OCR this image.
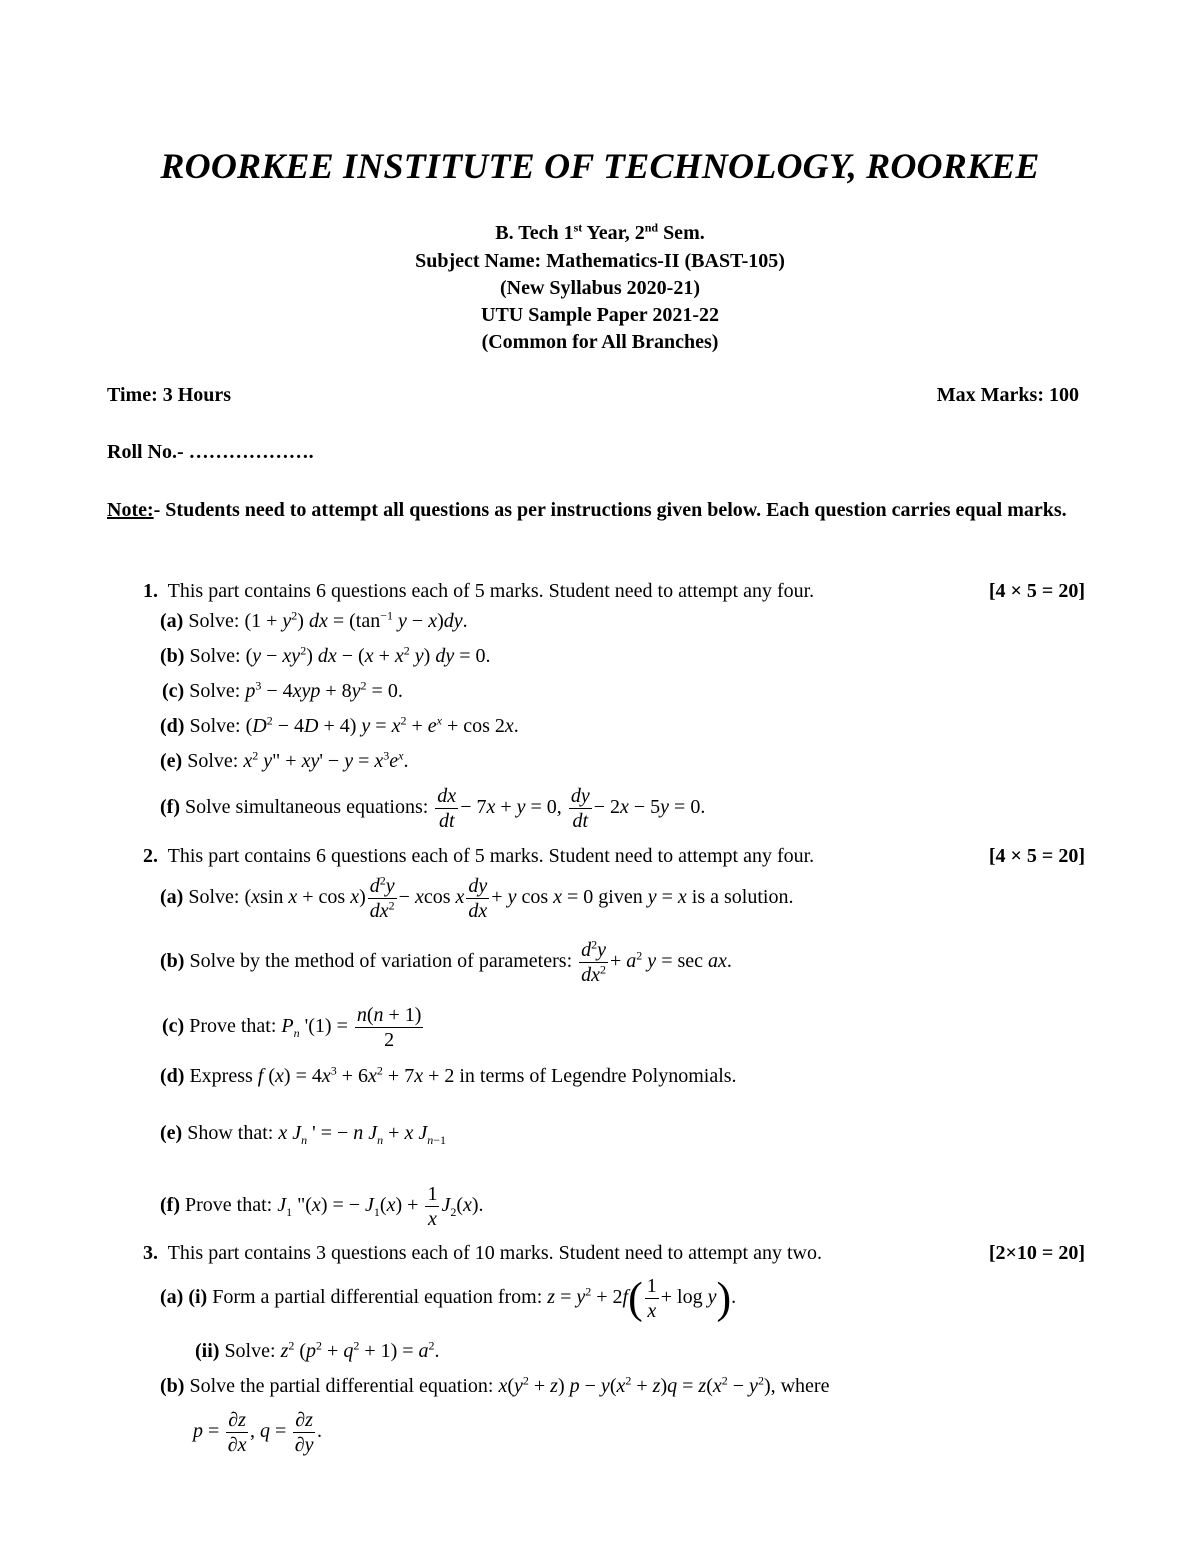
ROORKEE INSTITUTE OF TECHNOLOGY, ROORKEE
B. Tech 1st Year, 2nd Sem.
Subject Name: Mathematics-II (BAST-105)
(New Syllabus 2020-21)
UTU Sample Paper 2021-22
(Common for All Branches)
Time: 3 Hours	Max Marks: 100
Roll No.- ……………….
Note:- Students need to attempt all questions as per instructions given below. Each question carries equal marks.
1. This part contains 6 questions each of 5 marks. Student need to attempt any four.	[4 × 5 = 20]
(a) Solve: $(1 + y^2)$ dx = ($\tan^{-1}$ y − x)dy.
(b) Solve: $(y - xy^2)$ dx − ($x + x^2$ y) dy = 0.
(c) Solve: $p^3 - 4xyp + 8y^2 = 0$.
(d) Solve: $(D^2 - 4D + 4) y = x^2 + e^x + \cos 2x$.
(e) Solve: $x^2$ y" + $xy' - y = x^3e^x$.
(f) Solve simultaneous equations: $\frac{dx}{dt} - 7x + y = 0$, $\frac{dy}{dt} - 2x - 5y = 0$.
2. This part contains 6 questions each of 5 marks. Student need to attempt any four.	[4 × 5 = 20]
(a) Solve: (xsin $x + \cos x) \frac{d^2y}{dx^2} - xcos$ x $\frac{dy}{dx} + y$ cos x = 0 given y = x is a solution.
(b) Solve by the method of variation of parameters: $\frac{d^2y}{dx^2} + a^2$ y = sec ax.
(c) Prove that: $P_n$ '$(1) = \frac{n(n + 1)}{2}$
(d) Express f $(x) = 4x^3 + 6x^2 + 7x + 2$ in terms of Legendre Polynomials.
(e) Show that: x $J_n$ ' = − n $J_n + x$ $J_{n-1}$
(f) Prove that: $J_1$ "(x) = − $J_1(x) + \frac{1}{x} J_2(x)$.
3. This part contains 3 questions each of 10 marks. Student need to attempt any two.	[2×10 = 20]
(a) (i) Form a partial differential equation from: $z = y^2 + 2f( \frac{1}{x} + \log y)$.
(ii) Solve: $z^2$ $(p^2 + q^2 + 1) = a^2$.
(b) Solve the partial differential equation: $x(y^2 + z) p - y(x^2 + z)q = z(x^2 - y^2)$, where
$p = \frac{\partial z}{\partial x}$ , $q = \frac{\partial z}{\partial y}$ .
